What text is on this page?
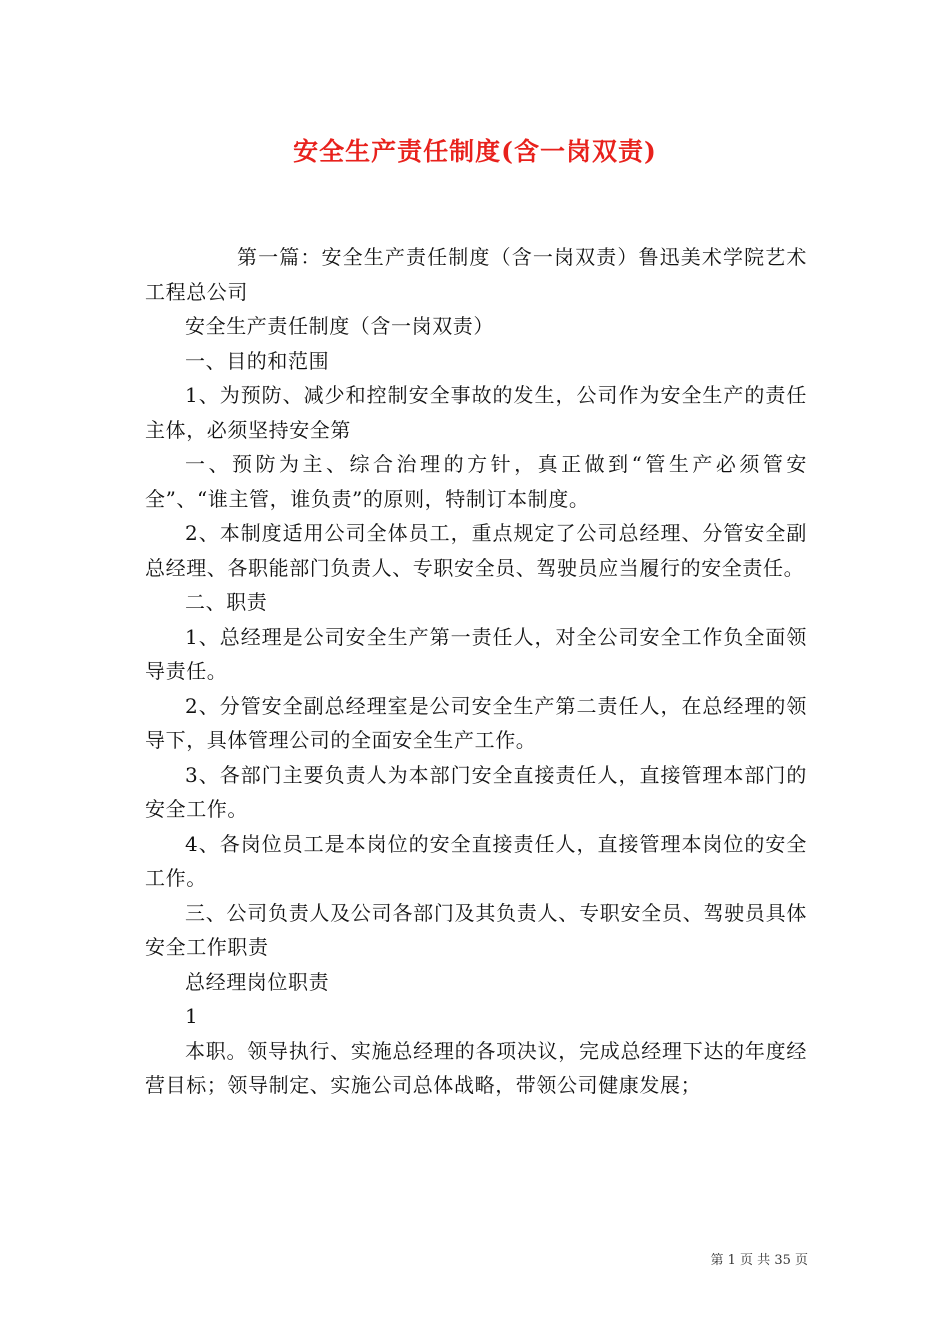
安全生产责任制度(含一岗双责)

第一篇：安全生产责任制度（含一岗双责）鲁迅美术学院艺术工程总公司

安全生产责任制度（含一岗双责）

一、目的和范围

1、为预防、减少和控制安全事故的发生，公司作为安全生产的责任主体，必须坚持安全第

一、预防为主、综合治理的方针，真正做到“管生产必须管安全”、“谁主管，谁负责”的原则，特制订本制度。

2、本制度适用公司全体员工，重点规定了公司总经理、分管安全副总经理、各职能部门负责人、专职安全员、驾驶员应当履行的安全责任。

二、职责

1、总经理是公司安全生产第一责任人，对全公司安全工作负全面领导责任。

2、分管安全副总经理室是公司安全生产第二责任人，在总经理的领导下，具体管理公司的全面安全生产工作。

3、各部门主要负责人为本部门安全直接责任人，直接管理本部门的安全工作。

4、各岗位员工是本岗位的安全直接责任人，直接管理本岗位的安全工作。

三、公司负责人及公司各部门及其负责人、专职安全员、驾驶员具体安全工作职责

总经理岗位职责

1

本职。领导执行、实施总经理的各项决议，完成总经理下达的年度经营目标；领导制定、实施公司总体战略，带领公司健康发展；

第 1 页 共 35 页
